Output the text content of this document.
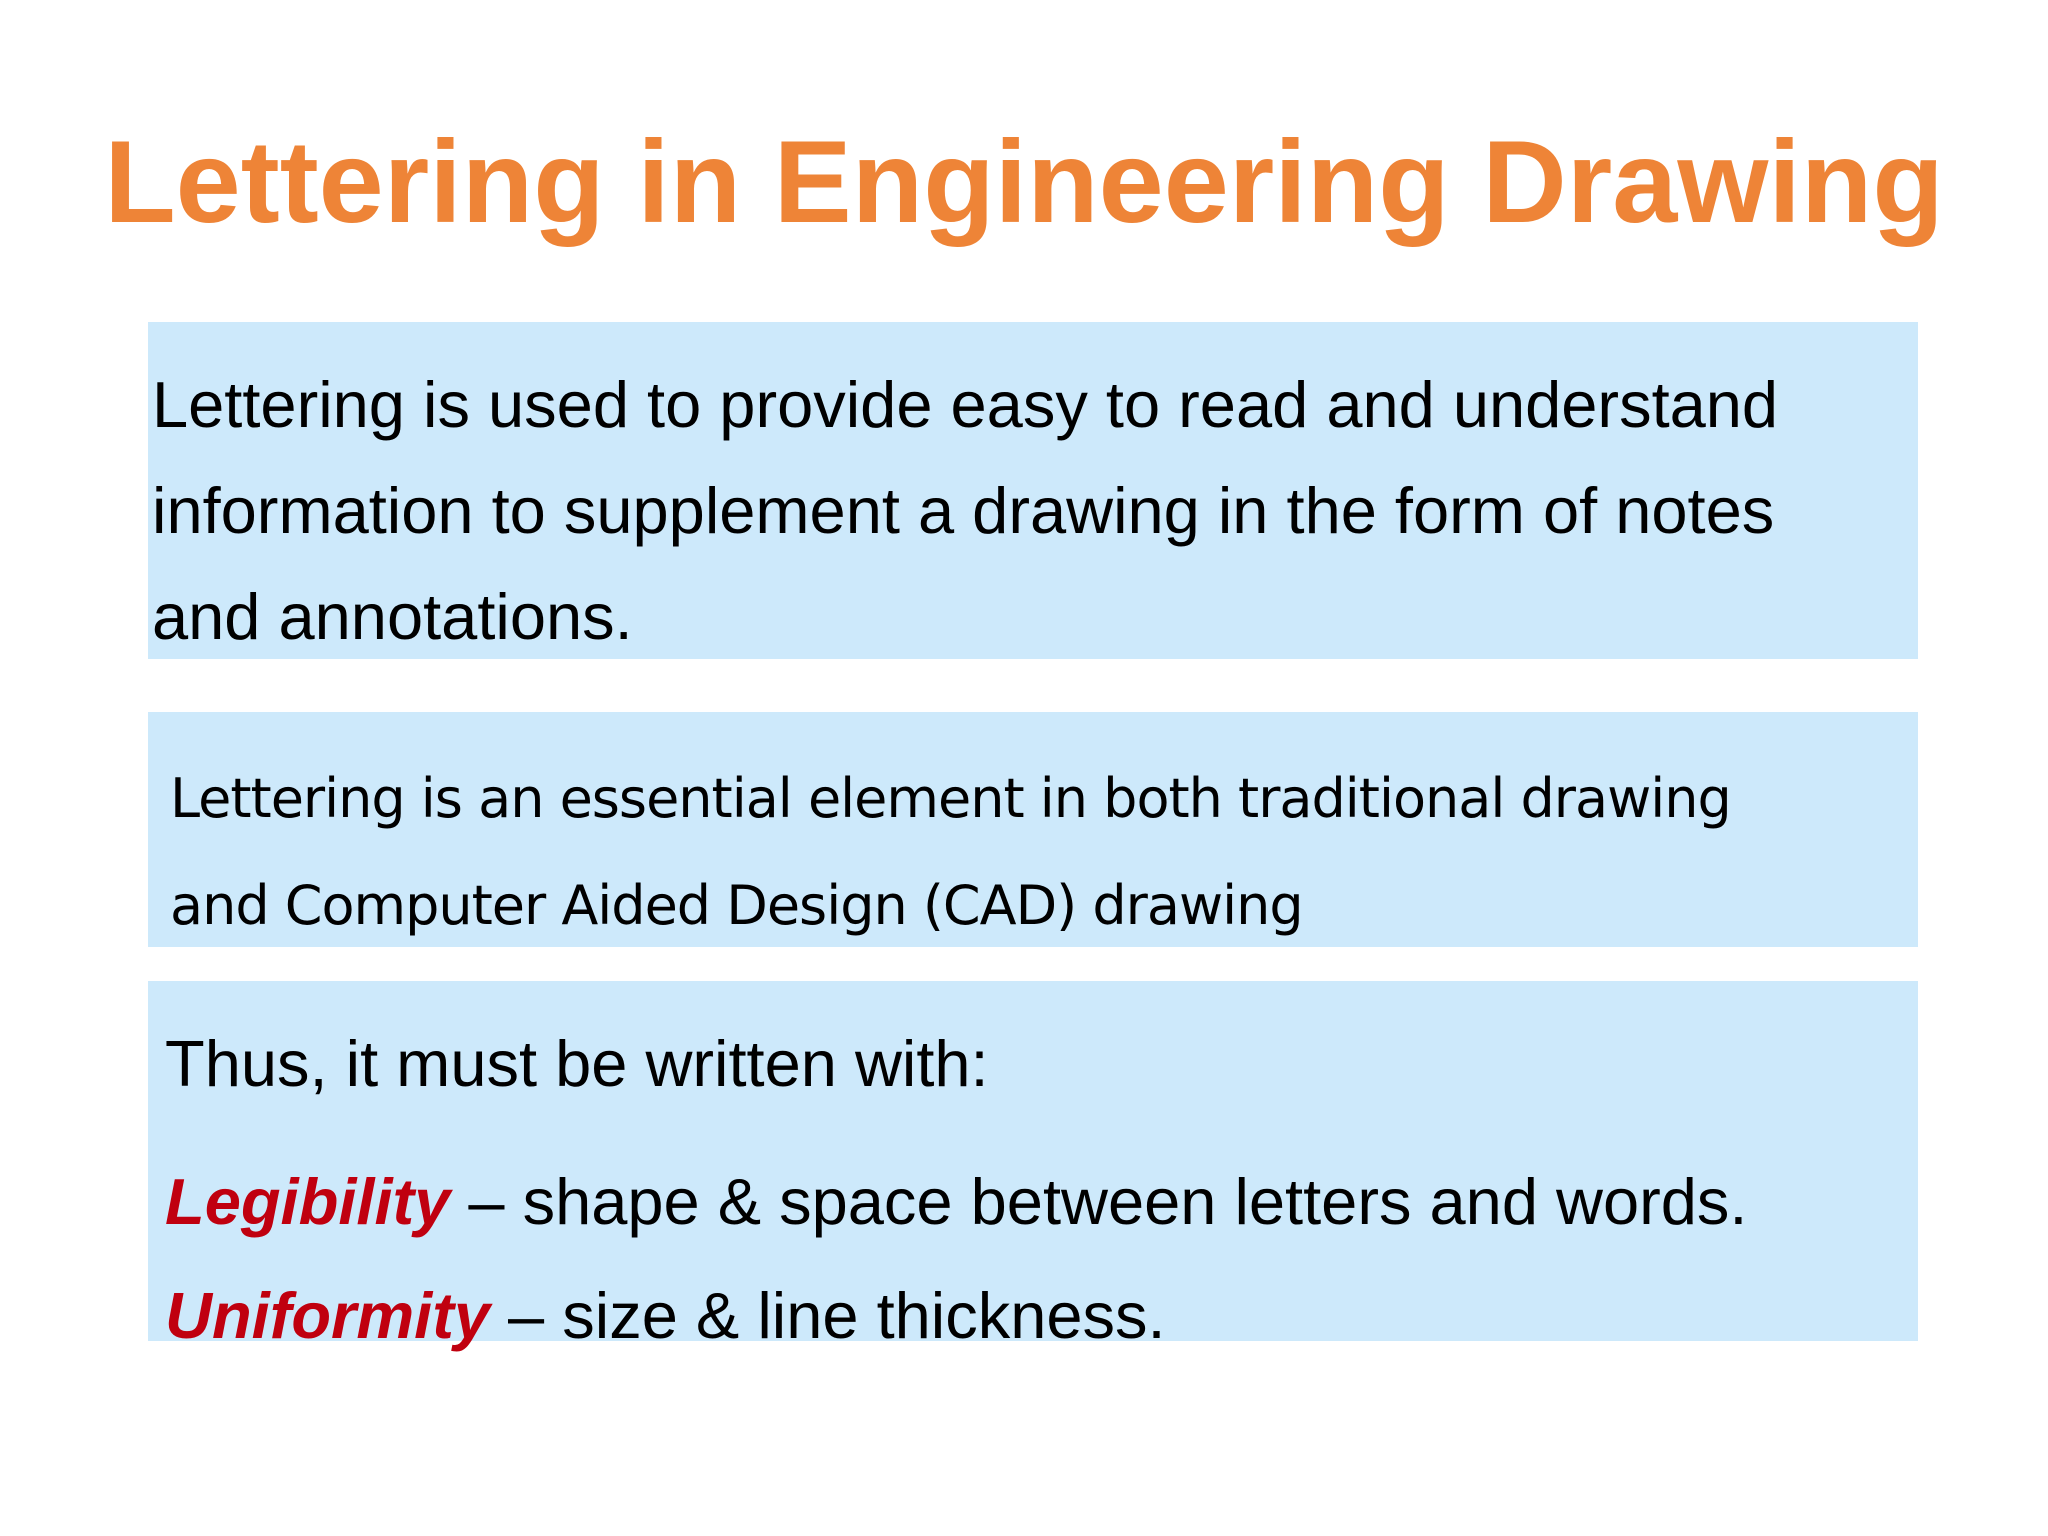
Lettering in Engineering Drawing
Lettering is used to provide easy to read and understand
information to supplement a drawing in the form of notes
and annotations.
Lettering is an essential element in both traditional drawing
and Computer Aided Design (CAD) drawing
Thus, it must be written with:
Legibility – shape & space between letters and words.
Uniformity – size & line thickness.
